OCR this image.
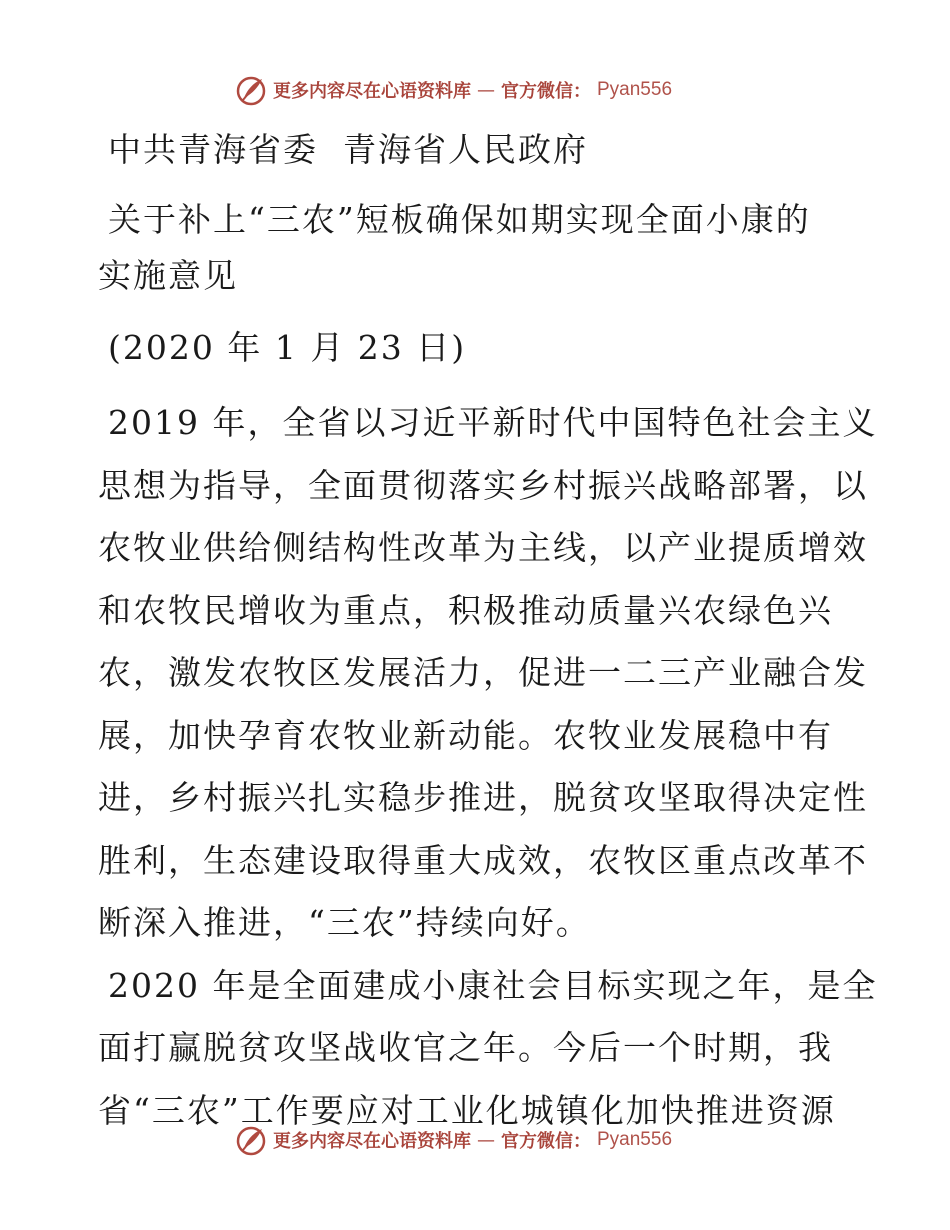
更多内容尽在心语资料库 — 官方微信： Pyan556

中共青海省委  青海省人民政府

关于补上“三农”短板确保如期实现全面小康的

实施意见

(2020 年 1 月 23 日)

2019 年，全省以习近平新时代中国特色社会主义

思想为指导，全面贯彻落实乡村振兴战略部署，以

农牧业供给侧结构性改革为主线，以产业提质增效

和农牧民增收为重点，积极推动质量兴农绿色兴

农，激发农牧区发展活力，促进一二三产业融合发

展，加快孕育农牧业新动能。农牧业发展稳中有

进，乡村振兴扎实稳步推进，脱贫攻坚取得决定性

胜利，生态建设取得重大成效，农牧区重点改革不

断深入推进，“三农”持续向好。

2020 年是全面建成小康社会目标实现之年，是全

面打赢脱贫攻坚战收官之年。今后一个时期，我

省“三农”工作要应对工业化城镇化加快推进资源

更多内容尽在心语资料库 — 官方微信： Pyan556
